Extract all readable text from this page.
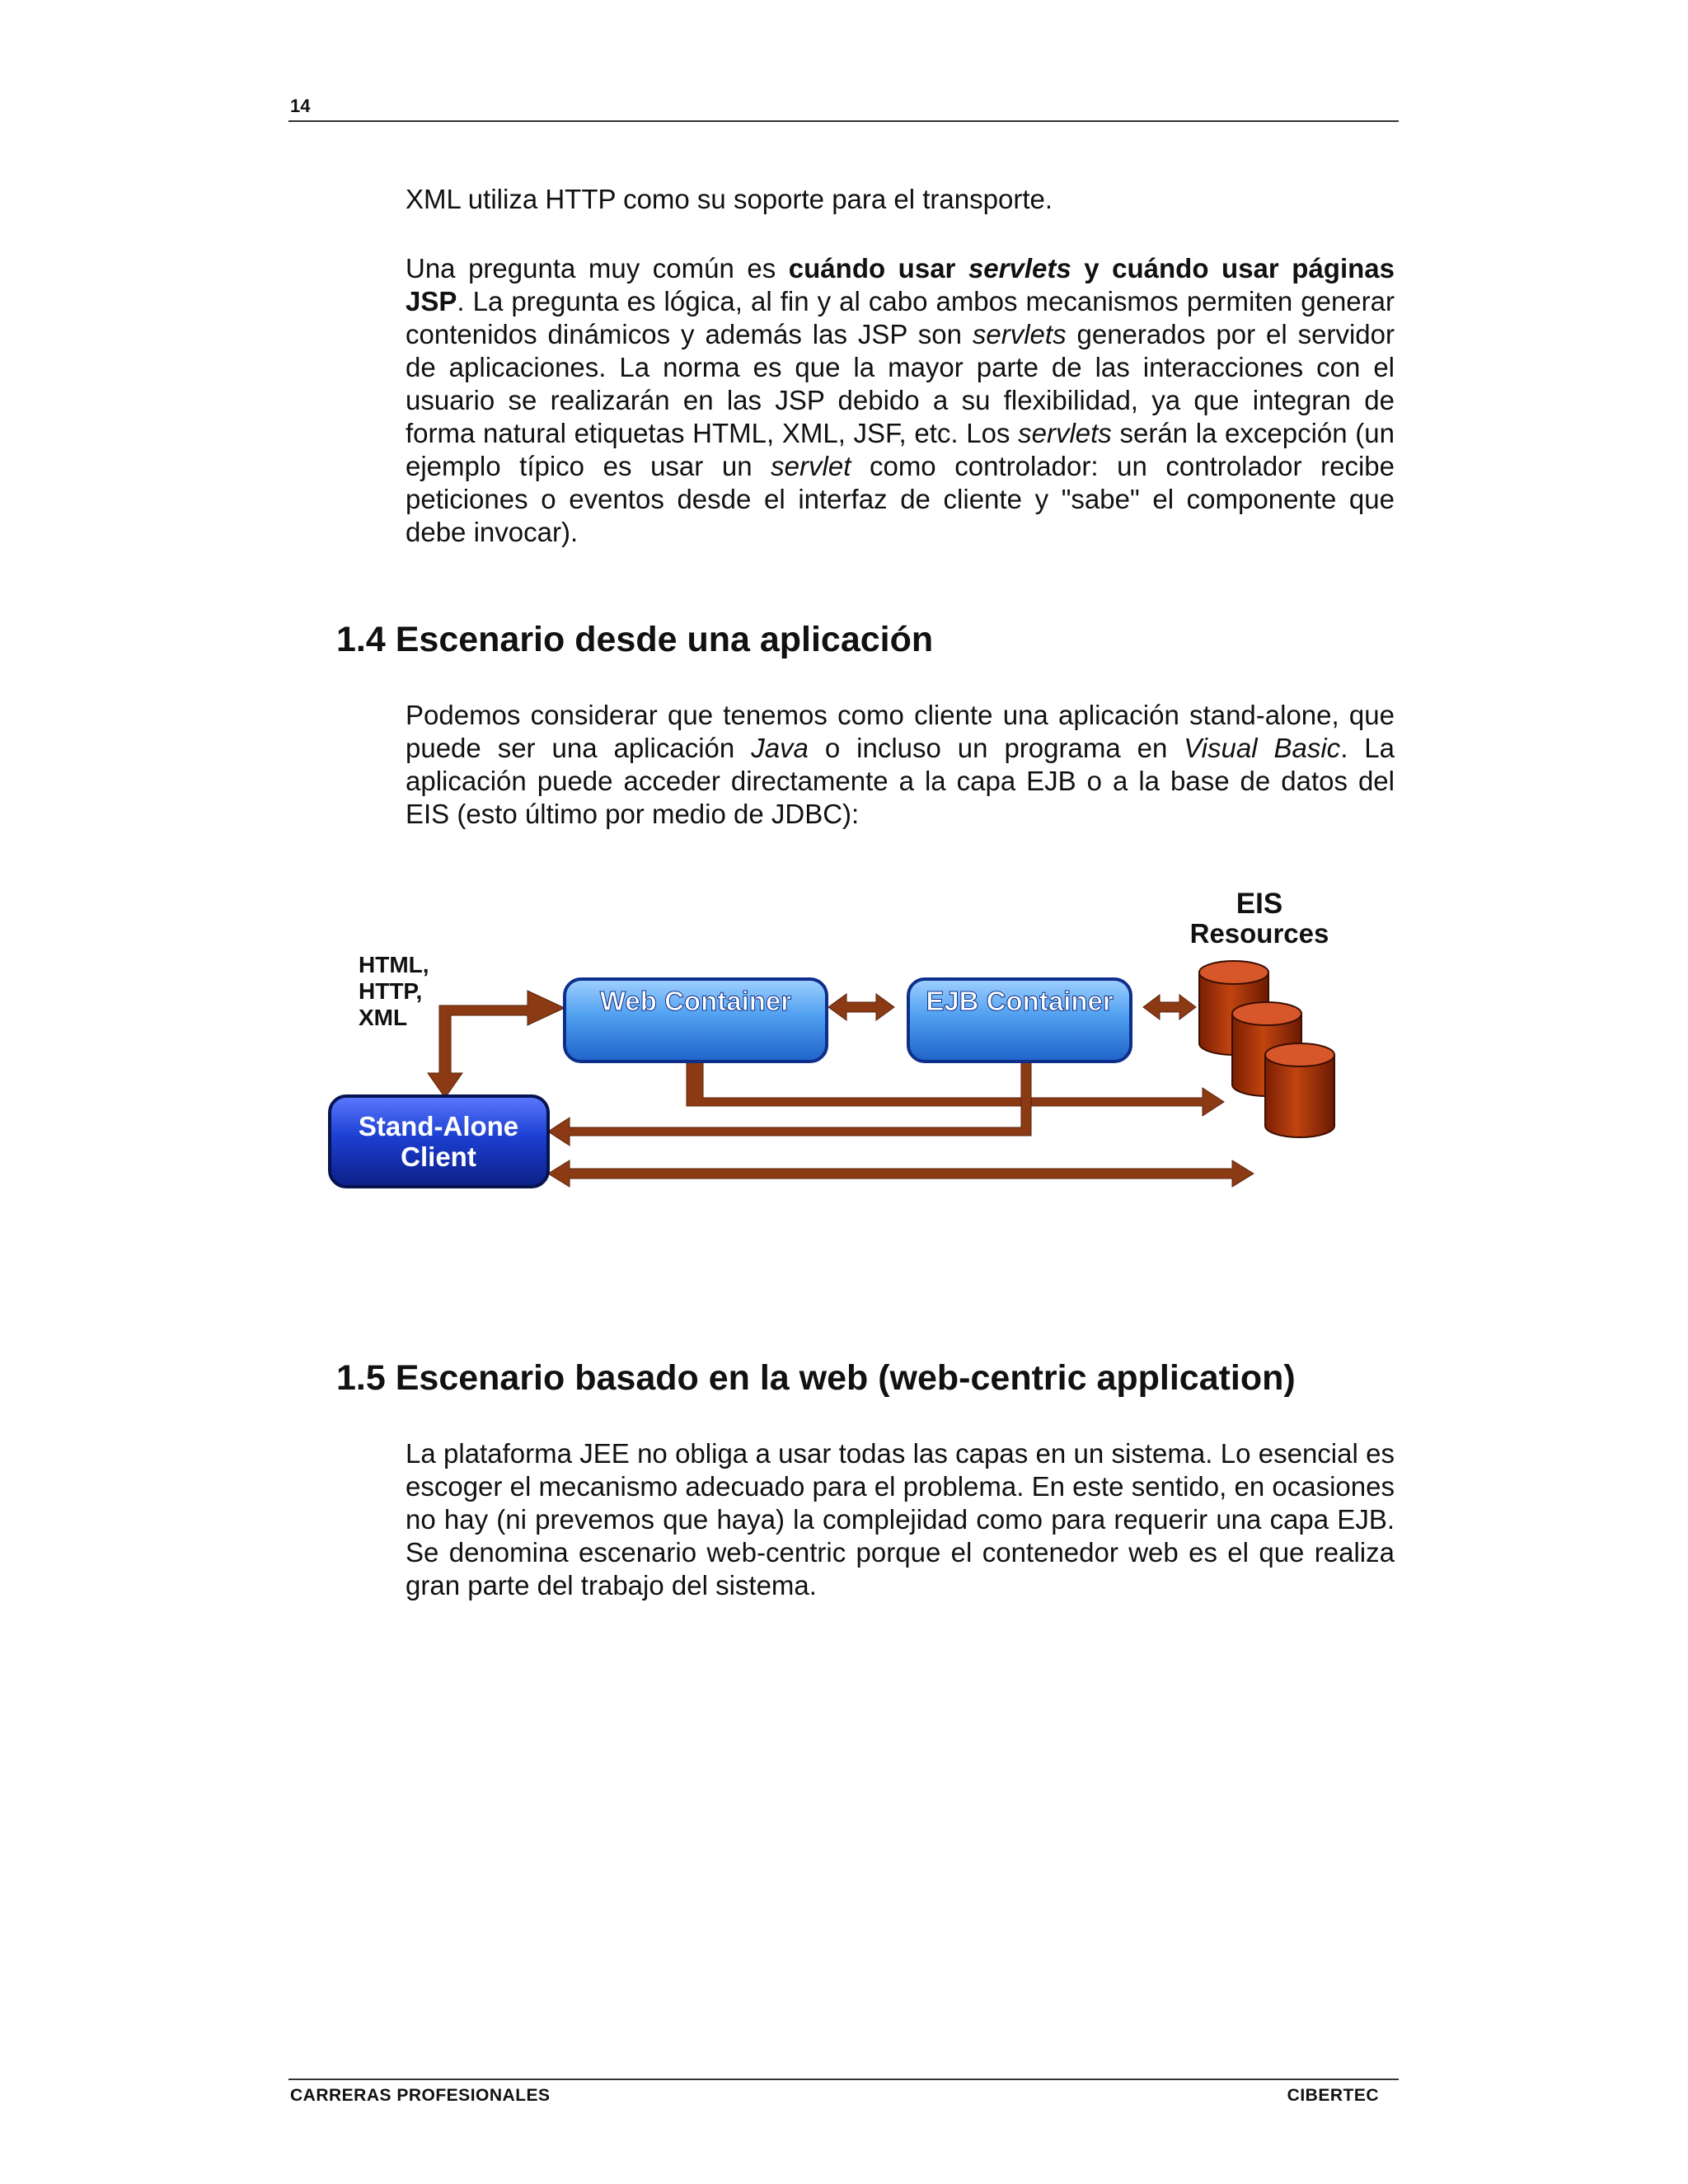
14

XML utiliza HTTP como su soporte para el transporte.

Una pregunta muy común es cuándo usar servlets y cuándo usar páginas JSP. La pregunta es lógica, al fin y al cabo ambos mecanismos permiten generar contenidos dinámicos y además las JSP son servlets generados por el servidor de aplicaciones. La norma es que la mayor parte de las interacciones con el usuario se realizarán en las JSP debido a su flexibilidad, ya que integran de forma natural etiquetas HTML, XML, JSF, etc. Los servlets serán la excepción (un ejemplo típico es usar un servlet como controlador: un controlador recibe peticiones o eventos desde el interfaz de cliente y "sabe" el componente que debe invocar).

1.4 Escenario desde una aplicación

Podemos considerar que tenemos como cliente una aplicación stand-alone, que puede ser una aplicación Java o incluso un programa en Visual Basic. La aplicación puede acceder directamente a la capa EJB o a la base de datos del EIS (esto último por medio de JDBC):

HTML,
HTTP,
XML
Web Container	EJB Container
EIS
Resources
Stand-Alone
Client
1.5 Escenario basado en la web (web-centric application)

La plataforma JEE no obliga a usar todas las capas en un sistema. Lo esencial es escoger el mecanismo adecuado para el problema. En este sentido, en ocasiones no hay (ni prevemos que haya) la complejidad como para requerir una capa EJB. Se denomina escenario web-centric porque el contenedor web es el que realiza gran parte del trabajo del sistema.

CARRERAS PROFESIONALES	CIBERTEC
